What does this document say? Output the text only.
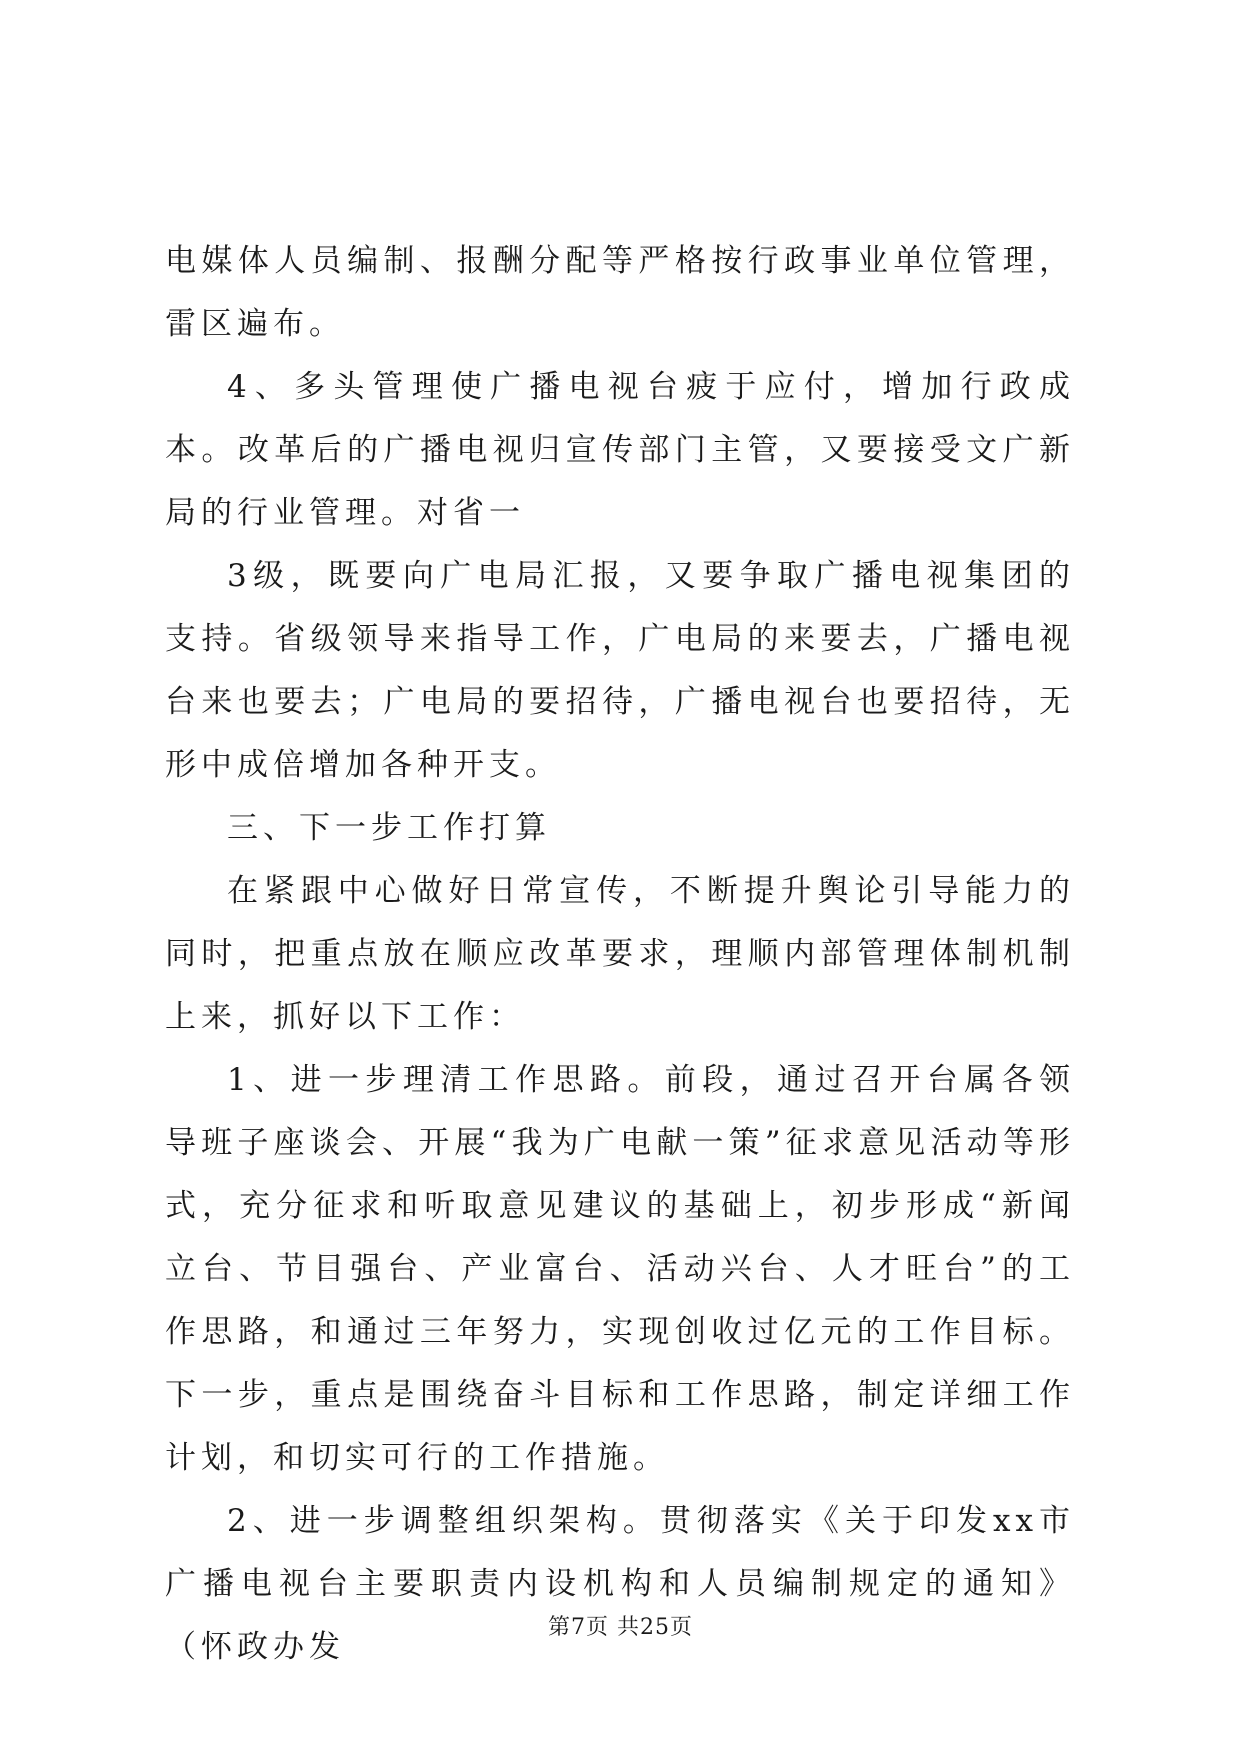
电媒体人员编制、报酬分配等严格按行政事业单位管理，雷区遍布。

4、多头管理使广播电视台疲于应付，增加行政成本。改革后的广播电视归宣传部门主管，又要接受文广新局的行业管理。对省一

3级，既要向广电局汇报，又要争取广播电视集团的支持。省级领导来指导工作，广电局的来要去，广播电视台来也要去；广电局的要招待，广播电视台也要招待，无形中成倍增加各种开支。

三、下一步工作打算

在紧跟中心做好日常宣传，不断提升舆论引导能力的同时，把重点放在顺应改革要求，理顺内部管理体制机制上来，抓好以下工作：

1、进一步理清工作思路。前段，通过召开台属各领导班子座谈会、开展“我为广电献一策”征求意见活动等形式，充分征求和听取意见建议的基础上，初步形成“新闻立台、节目强台、产业富台、活动兴台、人才旺台”的工作思路，和通过三年努力，实现创收过亿元的工作目标。下一步，重点是围绕奋斗目标和工作思路，制定详细工作计划，和切实可行的工作措施。

2、进一步调整组织架构。贯彻落实《关于印发xx市广播电视台主要职责内设机构和人员编制规定的通知》（怀政办发

第7页 共25页
